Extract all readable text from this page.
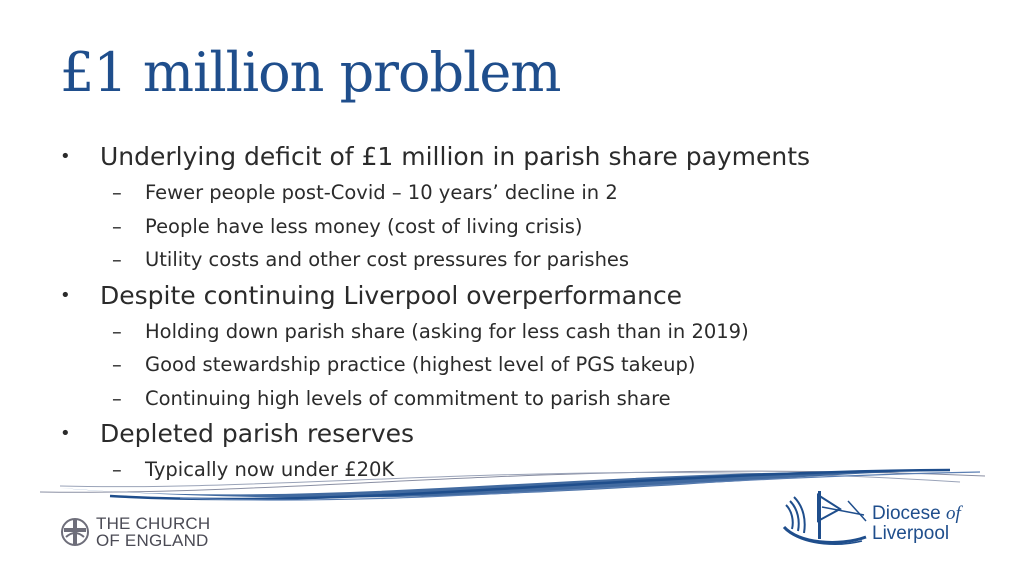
£1 million problem
• Underlying deficit of £1 million in parish share payments
– Fewer people post-Covid – 10 years’ decline in 2
– People have less money (cost of living crisis)
– Utility costs and other cost pressures for parishes
• Despite continuing Liverpool overperformance
– Holding down parish share (asking for less cash than in 2019)
– Good stewardship practice (highest level of PGS takeup)
– Continuing high levels of commitment to parish share
• Depleted parish reserves
– Typically now under £20K
THE CHURCH
OF ENGLAND
Diocese of
Liverpool
